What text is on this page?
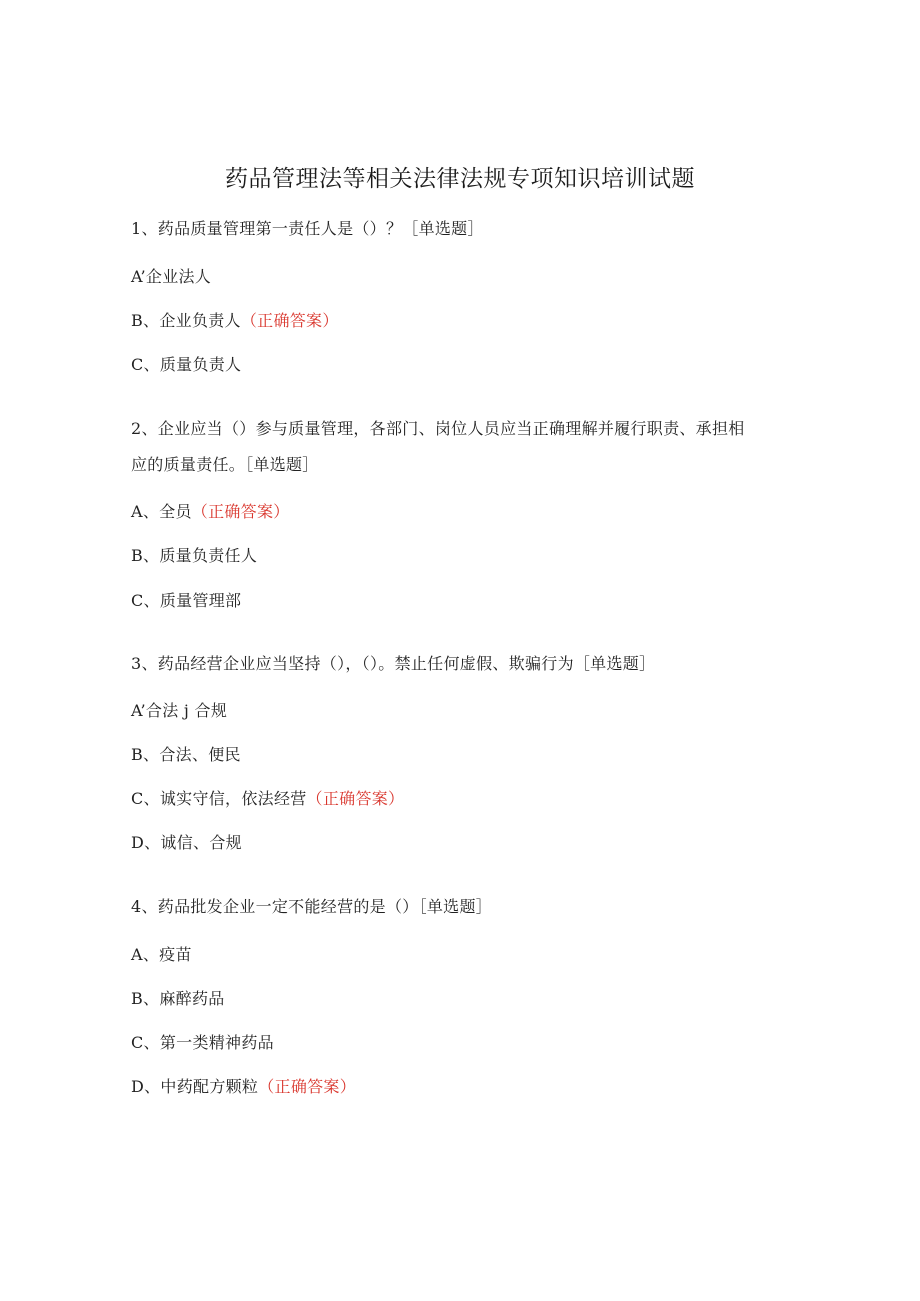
药品管理法等相关法律法规专项知识培训试题
1、药品质量管理第一责任人是（）？［单选题］
A’企业法人
B、企业负责人（正确答案）
C、质量负责人
2、企业应当（）参与质量管理，各部门、岗位人员应当正确理解并履行职责、承担相
应的质量责任。［单选题］
A、全员（正确答案）
B、质量负责任人
C、质量管理部
3、药品经营企业应当坚持（），（）。禁止任何虚假、欺骗行为［单选题］
A’合法 j 合规
B、合法、便民
C、诚实守信，依法经营（正确答案）
D、诚信、合规
4、药品批发企业一定不能经营的是（）［单选题］
A、疫苗
B、麻醉药品
C、第一类精神药品
D、中药配方颗粒（正确答案）
